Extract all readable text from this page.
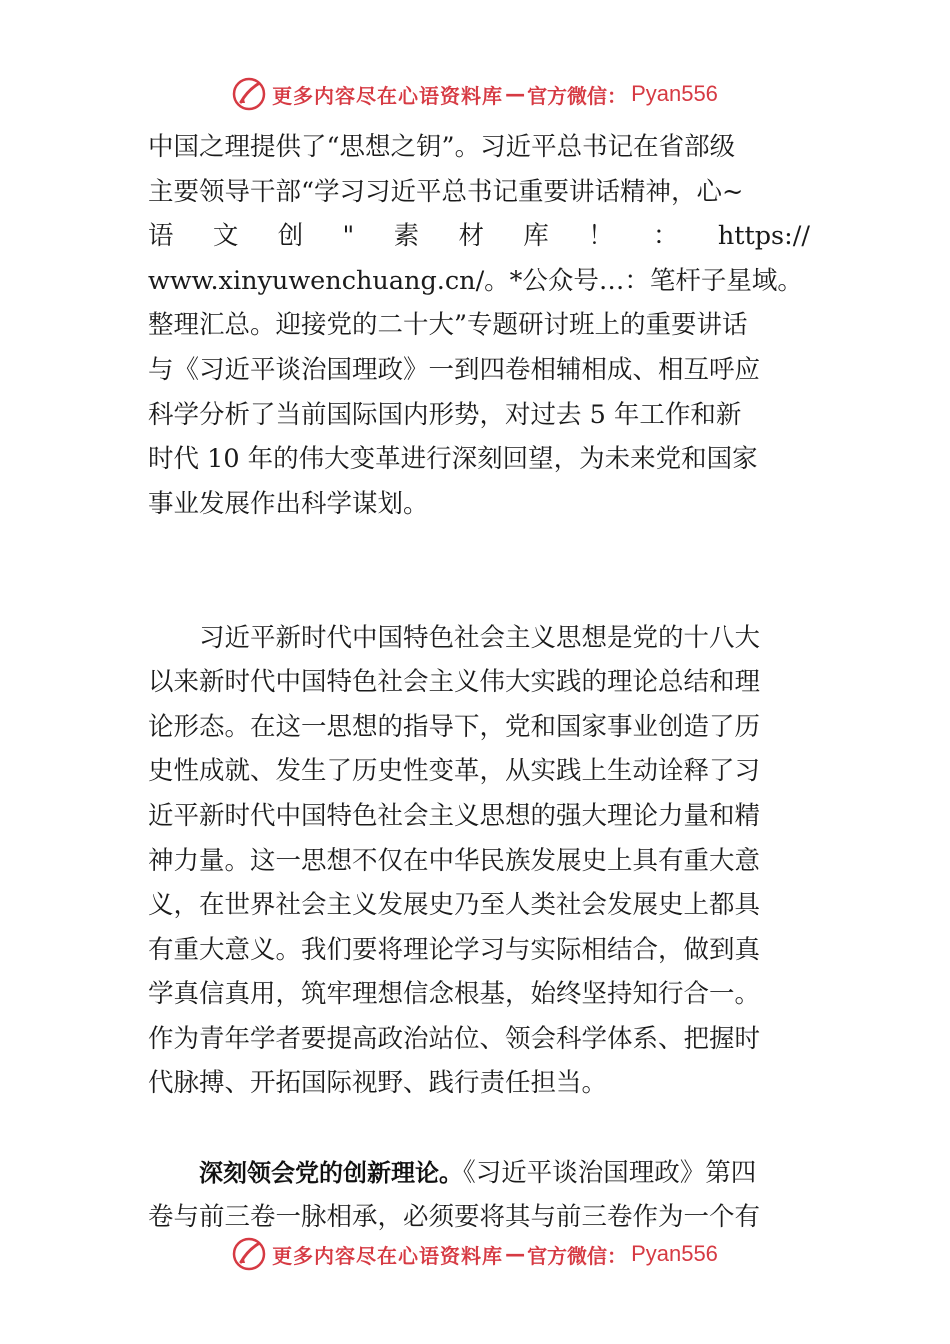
更多内容尽在心语资料库 — 官方微信： Pyan556
中国之理提供了“思想之钥”。习近平总书记在省部级
主要领导干部“学习习近平总书记重要讲话精神，心~
语 文 创 " 素 材 库 ！ ： https://
www.xinyuwenchuang.cn/。*公众号…：笔杆子星域。
整理汇总。迎接党的二十大”专题研讨班上的重要讲话
与《习近平谈治国理政》一到四卷相辅相成、相互呼应
科学分析了当前国际国内形势，对过去 5 年工作和新
时代 10 年的伟大变革进行深刻回望，为未来党和国家
事业发展作出科学谋划。
习近平新时代中国特色社会主义思想是党的十八大
以来新时代中国特色社会主义伟大实践的理论总结和理
论形态。在这一思想的指导下，党和国家事业创造了历
史性成就、发生了历史性变革，从实践上生动诠释了习
近平新时代中国特色社会主义思想的强大理论力量和精
神力量。这一思想不仅在中华民族发展史上具有重大意
义，在世界社会主义发展史乃至人类社会发展史上都具
有重大意义。我们要将理论学习与实际相结合，做到真
学真信真用，筑牢理想信念根基，始终坚持知行合一。
作为青年学者要提高政治站位、领会科学体系、把握时
代脉搏、开拓国际视野、践行责任担当。
深刻领会党的创新理论。《习近平谈治国理政》第四
卷与前三卷一脉相承，必须要将其与前三卷作为一个有
更多内容尽在心语资料库 — 官方微信： Pyan556
